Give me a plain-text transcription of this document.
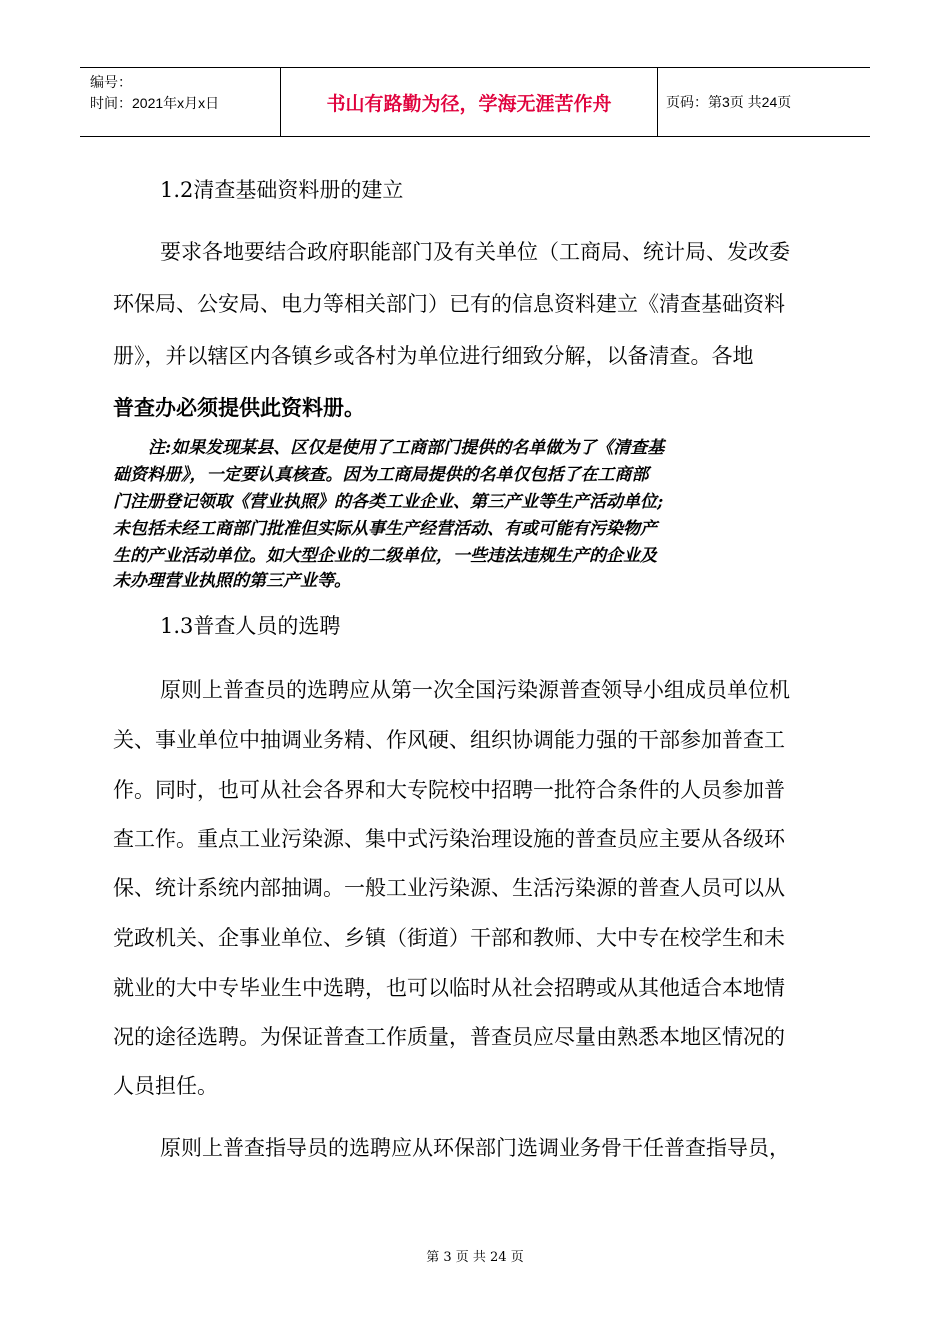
编号：
时间：2021年x月x日	书山有路勤为径，学海无涯苦作舟	页码：第3页 共24页
1.2清查基础资料册的建立
要求各地要结合政府职能部门及有关单位（工商局、统计局、发改委
环保局、公安局、电力等相关部门）已有的信息资料建立《清查基础资料
册》，并以辖区内各镇乡或各村为单位进行细致分解，以备清查。各地
普查办必须提供此资料册。
注:如果发现某县、区仅是使用了工商部门提供的名单做为了《清查基
础资料册》，一定要认真核查。因为工商局提供的名单仅包括了在工商部
门注册登记领取《营业执照》的各类工业企业、第三产业等生产活动单位;
未包括未经工商部门批准但实际从事生产经营活动、有或可能有污染物产
生的产业活动单位。如大型企业的二级单位，一些违法违规生产的企业及
未办理营业执照的第三产业等。
1.3普查人员的选聘
原则上普查员的选聘应从第一次全国污染源普查领导小组成员单位机
关、事业单位中抽调业务精、作风硬、组织协调能力强的干部参加普查工
作。同时，也可从社会各界和大专院校中招聘一批符合条件的人员参加普
查工作。重点工业污染源、集中式污染治理设施的普查员应主要从各级环
保、统计系统内部抽调。一般工业污染源、生活污染源的普查人员可以从
党政机关、企事业单位、乡镇（街道）干部和教师、大中专在校学生和未
就业的大中专毕业生中选聘，也可以临时从社会招聘或从其他适合本地情
况的途径选聘。为保证普查工作质量，普查员应尽量由熟悉本地区情况的
人员担任。
原则上普查指导员的选聘应从环保部门选调业务骨干任普查指导员，
第 3 页 共 24 页
